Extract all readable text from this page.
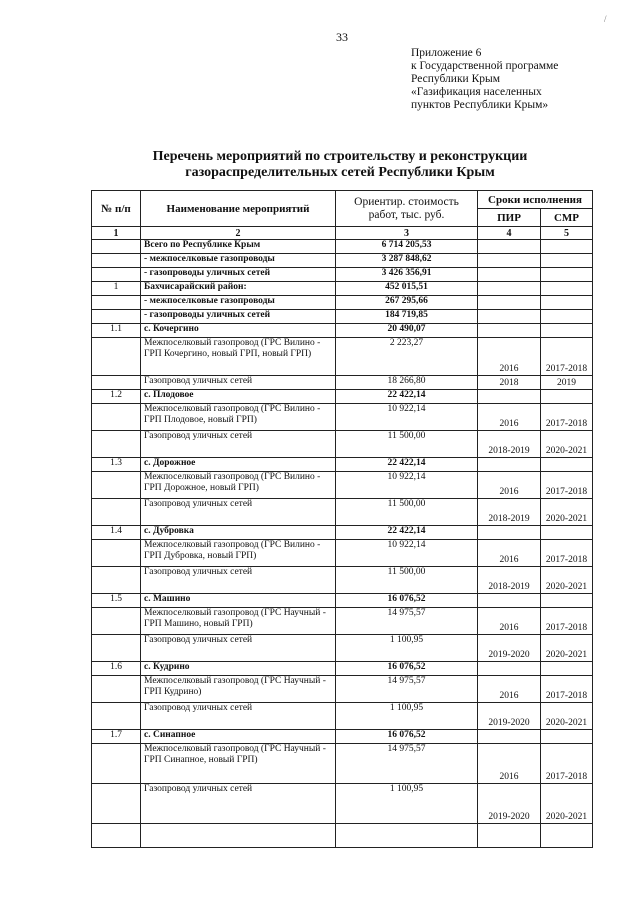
/
33
Приложение 6
к Государственной программе
Республики Крым
«Газификация населенных
пунктов Республики Крым»
Перечень мероприятий по строительству и реконструкции
газораспределительных сетей Республики Крым
№ п/п	Наименование мероприятий	Ориентир. стоимость работ, тыс. руб.	Сроки исполнения	
			ПИР	СМР
1	2	3	4	5
	Всего по Республике Крым	6 714 205,53		
	- межпоселковые газопроводы	3 287 848,62		
	- газопроводы уличных сетей	3 426 356,91		
1	Бахчисарайский район:	452 015,51		
	- межпоселковые газопроводы	267 295,66		
	- газопроводы уличных сетей	184 719,85		
1.1	с. Кочергино	20 490,07		
	Межпоселковый газопровод (ГРС Вилино - ГРП Кочергино, новый ГРП, новый ГРП)	2 223,27	2016	2017-2018
	Газопровод уличных сетей	18 266,80	2018	2019
1.2	с. Плодовое	22 422,14		
	Межпоселковый газопровод (ГРС Вилино - ГРП Плодовое, новый ГРП)	10 922,14	2016	2017-2018
	Газопровод уличных сетей	11 500,00	2018-2019	2020-2021
1.3	с. Дорожное	22 422,14		
	Межпоселковый газопровод (ГРС Вилино - ГРП Дорожное, новый ГРП)	10 922,14	2016	2017-2018
	Газопровод уличных сетей	11 500,00	2018-2019	2020-2021
1.4	с. Дубровка	22 422,14		
	Межпоселковый газопровод (ГРС Вилино - ГРП Дубровка, новый ГРП)	10 922,14	2016	2017-2018
	Газопровод уличных сетей	11 500,00	2018-2019	2020-2021
1.5	с. Машино	16 076,52		
	Межпоселковый газопровод (ГРС Научный - ГРП Машино, новый ГРП)	14 975,57	2016	2017-2018
	Газопровод уличных сетей	1 100,95	2019-2020	2020-2021
1.6	с. Кудрино	16 076,52		
	Межпоселковый газопровод (ГРС Научный - ГРП Кудрино)	14 975,57	2016	2017-2018
	Газопровод уличных сетей	1 100,95	2019-2020	2020-2021
1.7	с. Синапное	16 076,52		
	Межпоселковый газопровод (ГРС Научный - ГРП Синапное, новый ГРП)	14 975,57	2016	2017-2018
	Газопровод уличных сетей	1 100,95	2019-2020	2020-2021
